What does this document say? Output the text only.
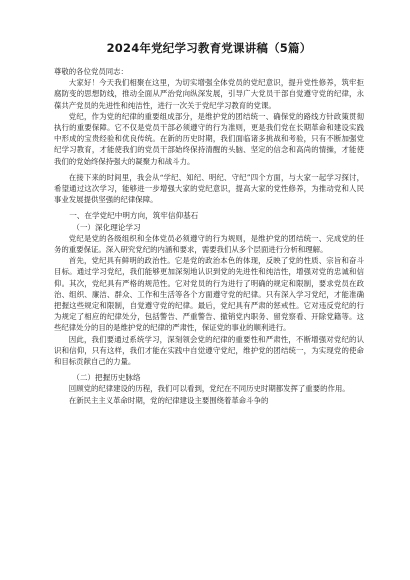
2024年党纪学习教育党课讲稿（5篇）

尊敬的各位党员同志：

大家好！今天我们相聚在这里，为切实增强全体党员的党纪意识，提升党性修养，筑牢拒腐防变的思想防线，推动全面从严治党向纵深发展，引导广大党员干部自觉遵守党的纪律，永葆共产党员的先进性和纯洁性，进行一次关于党纪学习教育的党课。

党纪，作为党的纪律的重要组成部分，是维护党的团结统一、确保党的路线方针政策贯彻执行的重要保障。它不仅是党员干部必须遵守的行为准则，更是我们党在长期革命和建设实践中形成的宝贵经验和优良传统。在新的历史时期，我们面临诸多挑战和考验，只有不断加强党纪学习教育，才能使我们的党员干部始终保持清醒的头脑、坚定的信念和高尚的情操，才能使我们的党始终保持强大的凝聚力和战斗力。

在接下来的时间里，我会从“学纪、知纪、明纪、守纪”四个方面，与大家一起学习探讨，希望通过这次学习，能够进一步增强大家的党纪意识，提高大家的党性修养，为推动党和人民事业发展提供坚强的纪律保障。

一、在学党纪中明方向，筑牢信仰基石

（一）深化理论学习

党纪是党的各级组织和全体党员必须遵守的行为规则，是维护党的团结统一、完成党的任务的重要保证。深入研究党纪的内涵和要求，需要我们从多个层面进行分析和理解。

首先，党纪具有鲜明的政治性。它是党的政治本色的体现，反映了党的性质、宗旨和奋斗目标。通过学习党纪，我们能够更加深刻地认识到党的先进性和纯洁性，增强对党的忠诚和信仰。其次，党纪具有严格的规范性。它对党员的行为进行了明确的规定和限制，要求党员在政治、组织、廉洁、群众、工作和生活等各个方面遵守党的纪律。只有深入学习党纪，才能准确把握这些规定和限制，自觉遵守党的纪律。最后，党纪具有严肃的惩戒性。它对违反党纪的行为规定了相应的纪律处分，包括警告、严重警告、撤销党内职务、留党察看、开除党籍等。这些纪律处分的目的是维护党的纪律的严肃性，保证党的事业的顺利进行。

因此，我们要通过系统学习，深刻领会党的纪律的重要性和严肃性，不断增强对党纪的认识和信仰，只有这样，我们才能在实践中自觉遵守党纪，维护党的团结统一，为实现党的使命和目标贡献自己的力量。

（二）把握历史脉络

回顾党的纪律建设的历程，我们可以看到，党纪在不同历史时期都发挥了重要的作用。

在新民主主义革命时期，党的纪律建设主要围绕着革命斗争的
